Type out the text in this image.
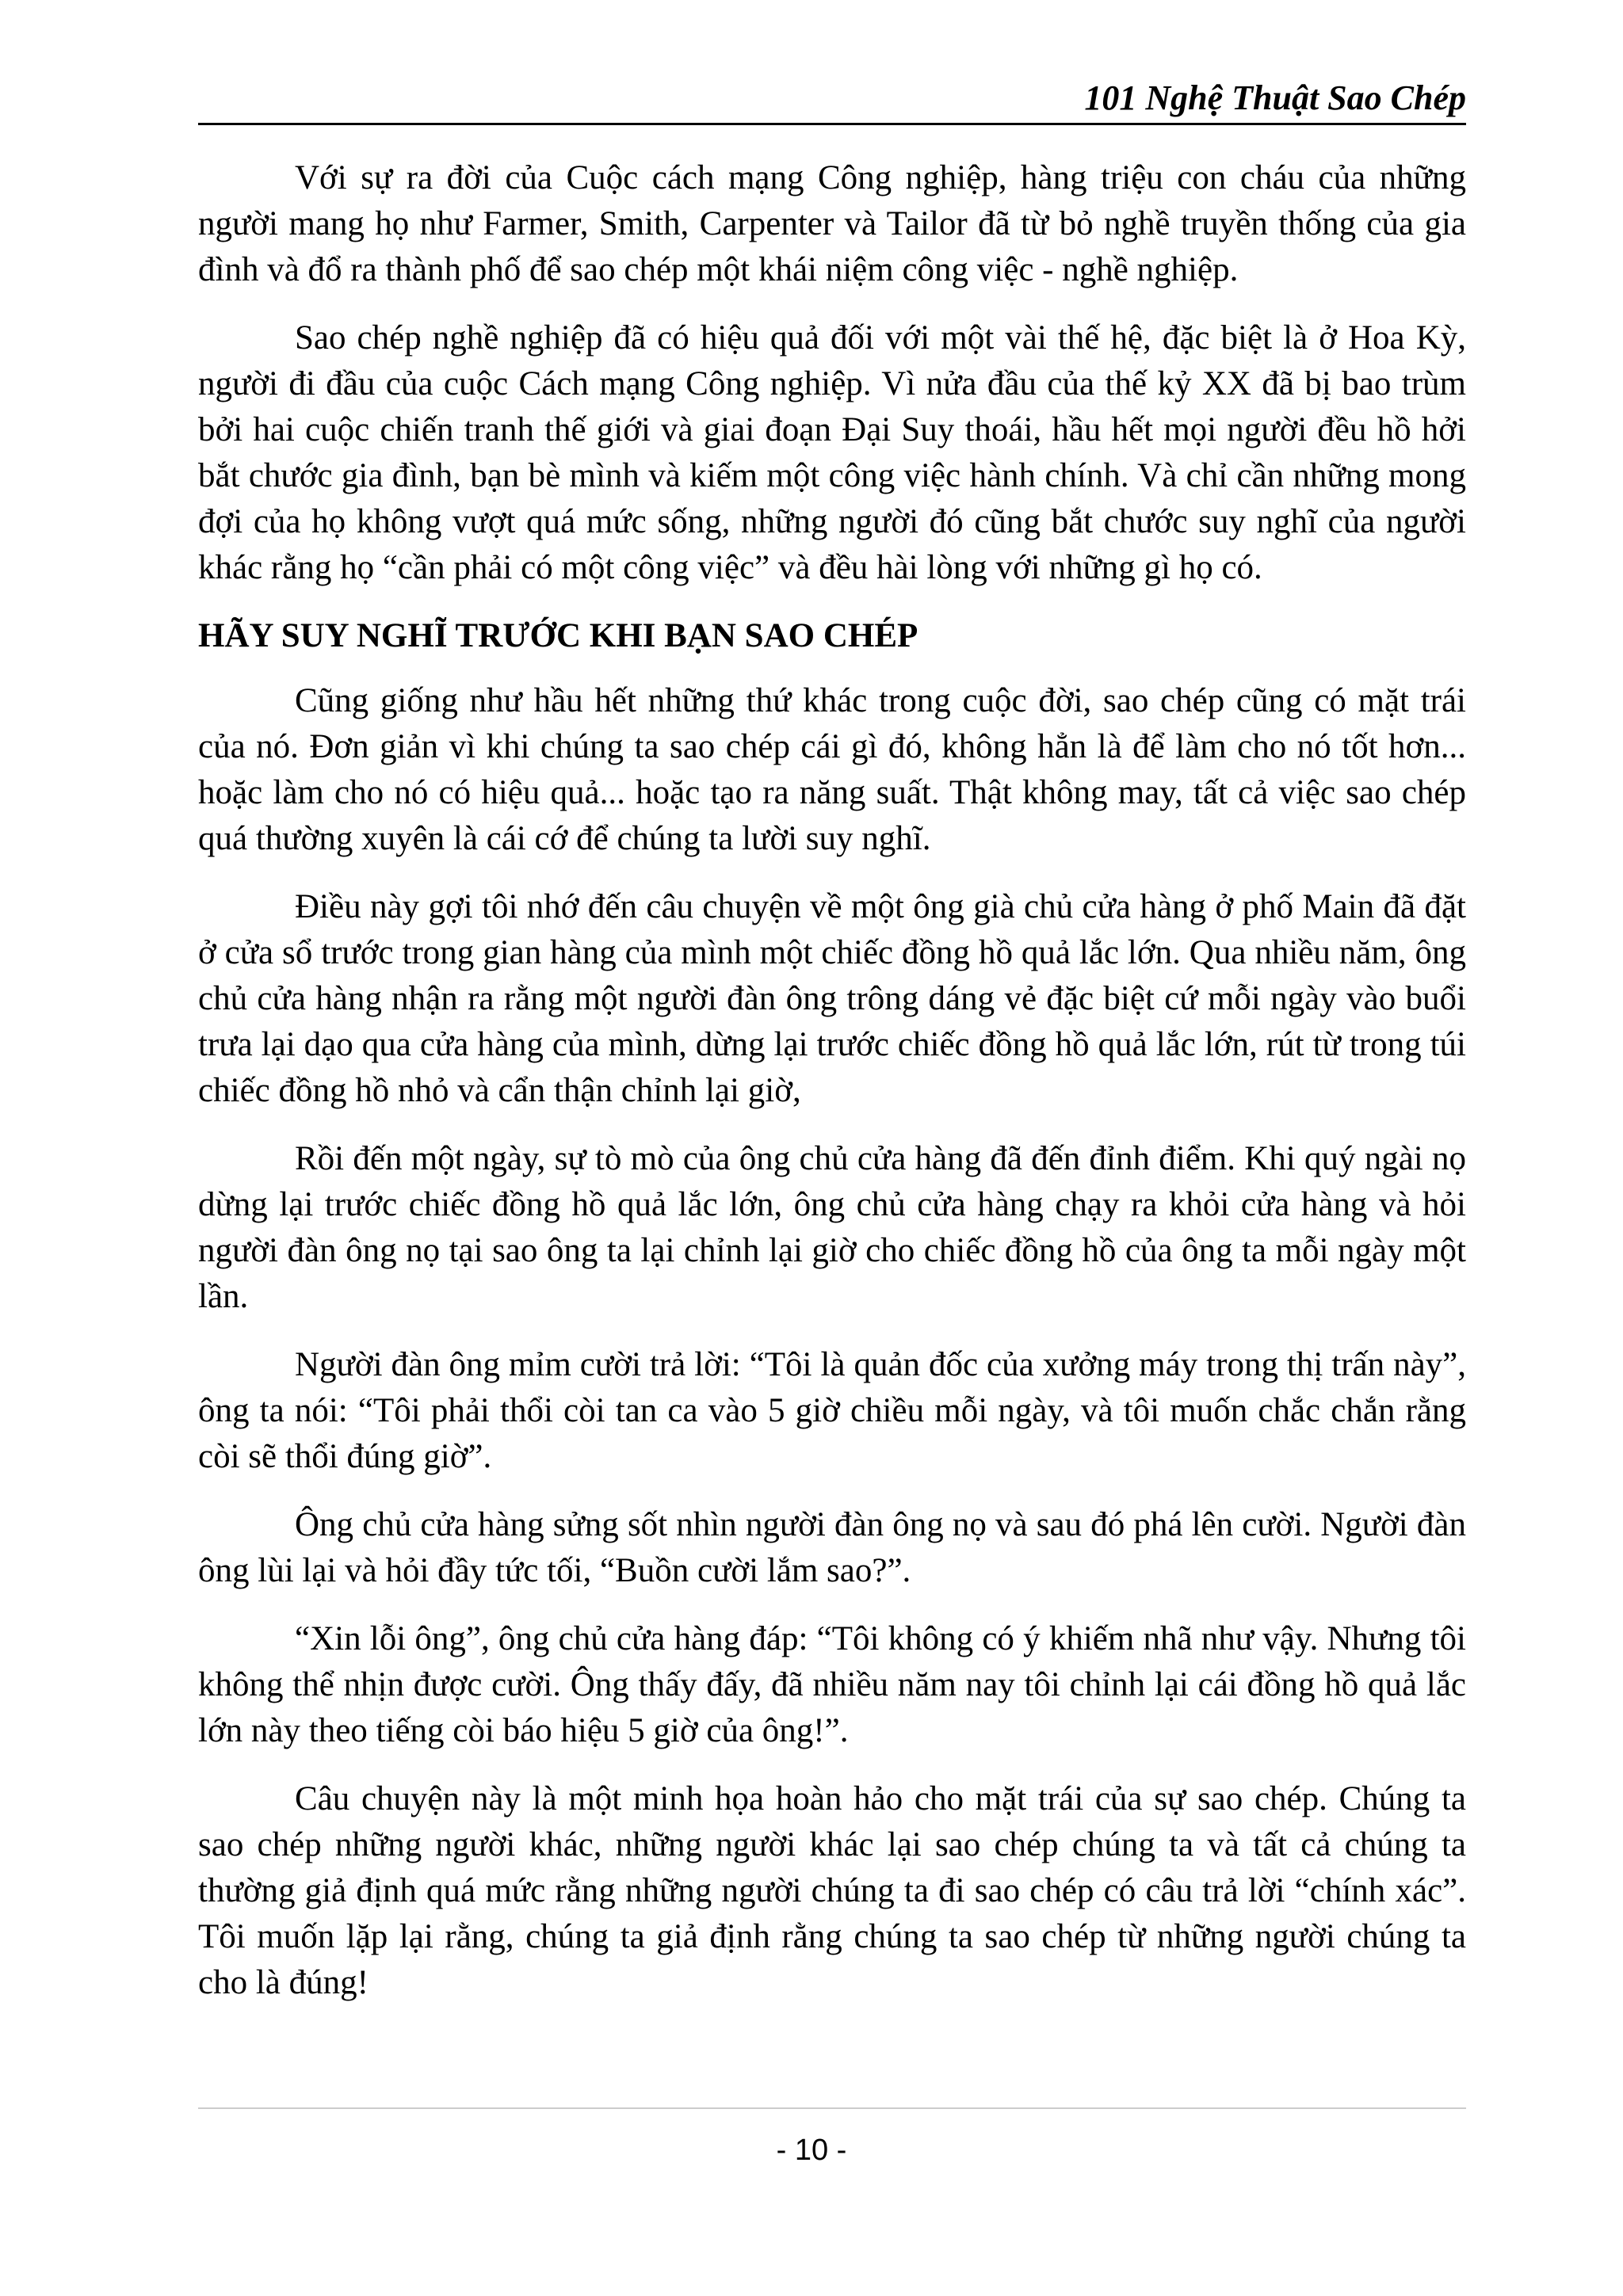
101 Nghệ Thuật Sao Chép

Với sự ra đời của Cuộc cách mạng Công nghiệp, hàng triệu con cháu của những người mang họ như Farmer, Smith, Carpenter và Tailor đã từ bỏ nghề truyền thống của gia đình và đổ ra thành phố để sao chép một khái niệm công việc - nghề nghiệp.

Sao chép nghề nghiệp đã có hiệu quả đối với một vài thế hệ, đặc biệt là ở Hoa Kỳ, người đi đầu của cuộc Cách mạng Công nghiệp. Vì nửa đầu của thế kỷ XX đã bị bao trùm bởi hai cuộc chiến tranh thế giới và giai đoạn Đại Suy thoái, hầu hết mọi người đều hồ hởi bắt chước gia đình, bạn bè mình và kiếm một công việc hành chính. Và chỉ cần những mong đợi của họ không vượt quá mức sống, những người đó cũng bắt chước suy nghĩ của người khác rằng họ “cần phải có một công việc” và đều hài lòng với những gì họ có.

HÃY SUY NGHĨ TRƯỚC KHI BẠN SAO CHÉP

Cũng giống như hầu hết những thứ khác trong cuộc đời, sao chép cũng có mặt trái của nó. Đơn giản vì khi chúng ta sao chép cái gì đó, không hẳn là để làm cho nó tốt hơn... hoặc làm cho nó có hiệu quả... hoặc tạo ra năng suất. Thật không may, tất cả việc sao chép quá thường xuyên là cái cớ để chúng ta lười suy nghĩ.

Điều này gợi tôi nhớ đến câu chuyện về một ông già chủ cửa hàng ở phố Main đã đặt ở cửa sổ trước trong gian hàng của mình một chiếc đồng hồ quả lắc lớn. Qua nhiều năm, ông chủ cửa hàng nhận ra rằng một người đàn ông trông dáng vẻ đặc biệt cứ mỗi ngày vào buổi trưa lại dạo qua cửa hàng của mình, dừng lại trước chiếc đồng hồ quả lắc lớn, rút từ trong túi chiếc đồng hồ nhỏ và cẩn thận chỉnh lại giờ,

Rồi đến một ngày, sự tò mò của ông chủ cửa hàng đã đến đỉnh điểm. Khi quý ngài nọ dừng lại trước chiếc đồng hồ quả lắc lớn, ông chủ cửa hàng chạy ra khỏi cửa hàng và hỏi người đàn ông nọ tại sao ông ta lại chỉnh lại giờ cho chiếc đồng hồ của ông ta mỗi ngày một lần.

Người đàn ông mỉm cười trả lời: “Tôi là quản đốc của xưởng máy trong thị trấn này”, ông ta nói: “Tôi phải thổi còi tan ca vào 5 giờ chiều mỗi ngày, và tôi muốn chắc chắn rằng còi sẽ thổi đúng giờ”.

Ông chủ cửa hàng sửng sốt nhìn người đàn ông nọ và sau đó phá lên cười. Người đàn ông lùi lại và hỏi đầy tức tối, “Buồn cười lắm sao?”.

“Xin lỗi ông”, ông chủ cửa hàng đáp: “Tôi không có ý khiếm nhã như vậy. Nhưng tôi không thể nhịn được cười. Ông thấy đấy, đã nhiều năm nay tôi chỉnh lại cái đồng hồ quả lắc lớn này theo tiếng còi báo hiệu 5 giờ của ông!”.

Câu chuyện này là một minh họa hoàn hảo cho mặt trái của sự sao chép. Chúng ta sao chép những người khác, những người khác lại sao chép chúng ta và tất cả chúng ta thường giả định quá mức rằng những người chúng ta đi sao chép có câu trả lời “chính xác”. Tôi muốn lặp lại rằng, chúng ta giả định rằng chúng ta sao chép từ những người chúng ta cho là đúng!

- 10 -
